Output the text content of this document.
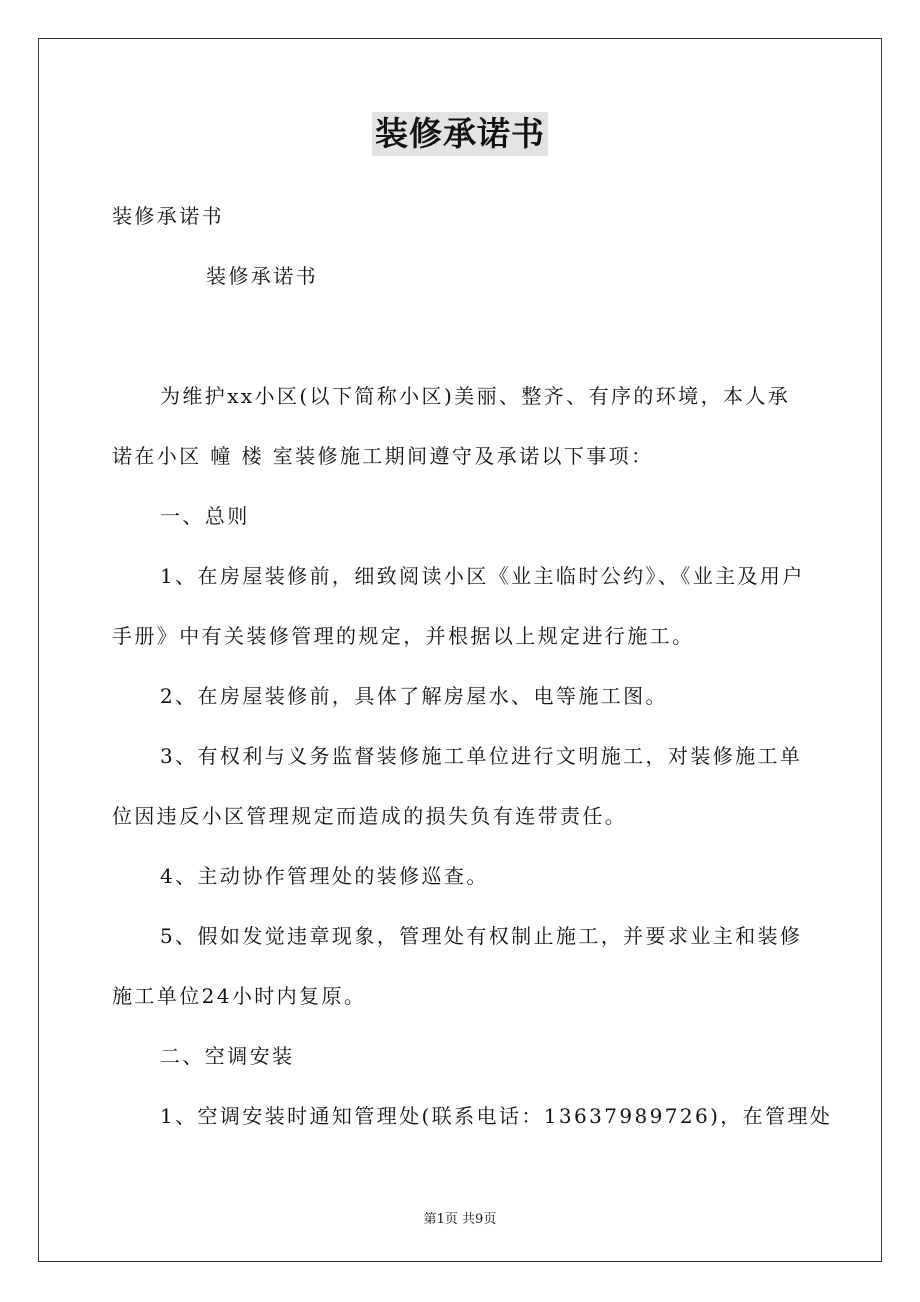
装修承诺书
装修承诺书
装修承诺书
为维护xx小区(以下简称小区)美丽、整齐、有序的环境，本人承
诺在小区 幢 楼 室装修施工期间遵守及承诺以下事项：
一、总则
1、在房屋装修前，细致阅读小区《业主临时公约》、《业主及用户
手册》中有关装修管理的规定，并根据以上规定进行施工。
2、在房屋装修前，具体了解房屋水、电等施工图。
3、有权利与义务监督装修施工单位进行文明施工，对装修施工单
位因违反小区管理规定而造成的损失负有连带责任。
4、主动协作管理处的装修巡查。
5、假如发觉违章现象，管理处有权制止施工，并要求业主和装修
施工单位24小时内复原。
二、空调安装
1、空调安装时通知管理处(联系电话：13637989726)，在管理处
第1页 共9页
